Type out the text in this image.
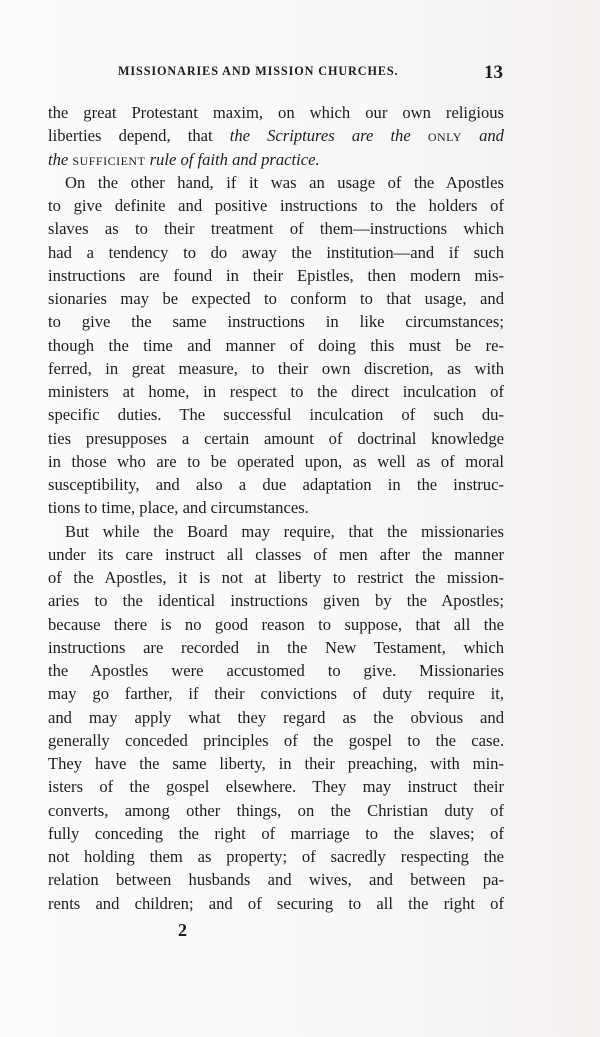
MISSIONARIES AND MISSION CHURCHES.	13
the great Protestant maxim, on which our own religious
liberties depend, that the Scriptures are the only and
the sufficient rule of faith and practice.
On the other hand, if it was an usage of the Apostles
to give definite and positive instructions to the holders of
slaves as to their treatment of them—instructions which
had a tendency to do away the institution—and if such
instructions are found in their Epistles, then modern mis-
sionaries may be expected to conform to that usage, and
to give the same instructions in like circumstances;
though the time and manner of doing this must be re-
ferred, in great measure, to their own discretion, as with
ministers at home, in respect to the direct inculcation of
specific duties. The successful inculcation of such du-
ties presupposes a certain amount of doctrinal knowledge
in those who are to be operated upon, as well as of moral
susceptibility, and also a due adaptation in the instruc-
tions to time, place, and circumstances.
But while the Board may require, that the missionaries
under its care instruct all classes of men after the manner
of the Apostles, it is not at liberty to restrict the mission-
aries to the identical instructions given by the Apostles;
because there is no good reason to suppose, that all the
instructions are recorded in the New Testament, which
the Apostles were accustomed to give. Missionaries
may go farther, if their convictions of duty require it,
and may apply what they regard as the obvious and
generally conceded principles of the gospel to the case.
They have the same liberty, in their preaching, with min-
isters of the gospel elsewhere. They may instruct their
converts, among other things, on the Christian duty of
fully conceding the right of marriage to the slaves; of
not holding them as property; of sacredly respecting the
relation between husbands and wives, and between pa-
rents and children; and of securing to all the right of
2
